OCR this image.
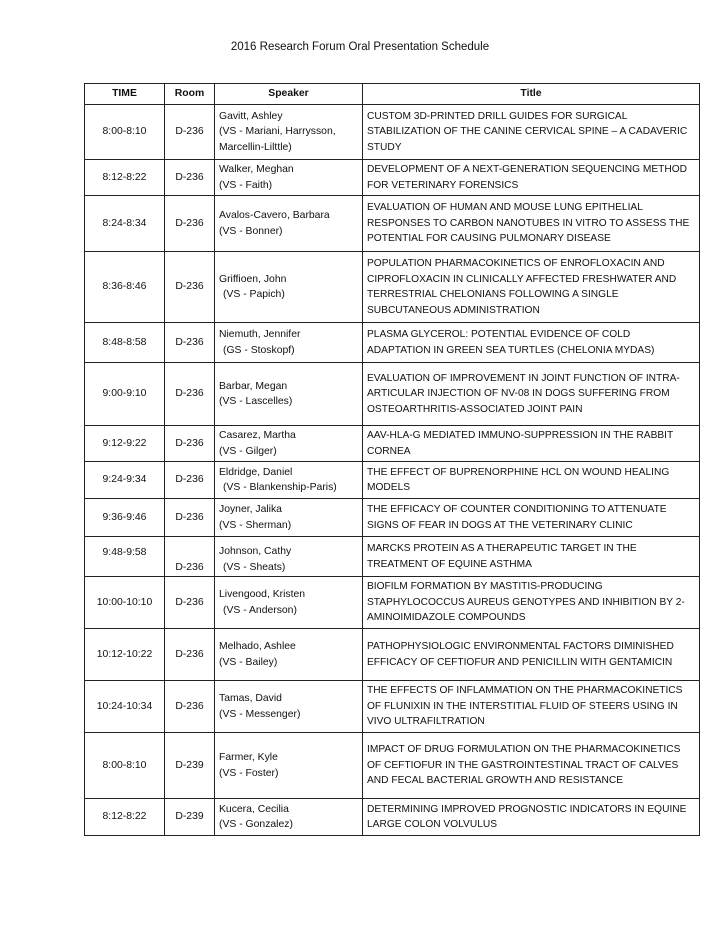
2016 Research Forum Oral Presentation Schedule
TIME	Room	Speaker	Title
8:00-8:10	D-236	Gavitt, Ashley
(VS - Mariani, Harrysson,
Marcellin-Lilttle)	CUSTOM 3D-PRINTED DRILL GUIDES FOR SURGICAL STABILIZATION OF THE CANINE CERVICAL SPINE – A CADAVERIC STUDY
8:12-8:22	D-236	Walker, Meghan
(VS - Faith)	DEVELOPMENT OF A NEXT-GENERATION SEQUENCING METHOD FOR VETERINARY FORENSICS
8:24-8:34	D-236	Avalos-Cavero, Barbara
(VS - Bonner)	EVALUATION OF HUMAN AND MOUSE LUNG EPITHELIAL RESPONSES TO CARBON NANOTUBES IN VITRO TO ASSESS THE POTENTIAL FOR CAUSING PULMONARY DISEASE
8:36-8:46	D-236	Griffioen, John
(VS - Papich)	POPULATION PHARMACOKINETICS OF ENROFLOXACIN AND CIPROFLOXACIN IN CLINICALLY AFFECTED FRESHWATER AND TERRESTRIAL CHELONIANS FOLLOWING A SINGLE SUBCUTANEOUS ADMINISTRATION
8:48-8:58	D-236	Niemuth, Jennifer
(GS - Stoskopf)	PLASMA GLYCEROL: POTENTIAL EVIDENCE OF COLD ADAPTATION IN GREEN SEA TURTLES (CHELONIA MYDAS)
9:00-9:10	D-236	Barbar, Megan
(VS - Lascelles)	EVALUATION OF IMPROVEMENT IN JOINT FUNCTION OF INTRA-ARTICULAR INJECTION OF NV-08 IN DOGS SUFFERING FROM OSTEOARTHRITIS-ASSOCIATED JOINT PAIN
9:12-9:22	D-236	Casarez, Martha
(VS - Gilger)	AAV-HLA-G MEDIATED IMMUNO-SUPPRESSION IN THE RABBIT CORNEA
9:24-9:34	D-236	Eldridge, Daniel
(VS - Blankenship-Paris)	THE EFFECT OF BUPRENORPHINE HCL ON WOUND HEALING MODELS
9:36-9:46	D-236	Joyner, Jalika
(VS - Sherman)	THE EFFICACY OF COUNTER CONDITIONING TO ATTENUATE SIGNS OF FEAR IN DOGS AT THE VETERINARY CLINIC
9:48-9:58	D-236	Johnson, Cathy
(VS - Sheats)	MARCKS PROTEIN AS A THERAPEUTIC TARGET IN THE TREATMENT OF EQUINE ASTHMA
10:00-10:10	D-236	Livengood, Kristen
(VS - Anderson)	BIOFILM FORMATION BY MASTITIS-PRODUCING STAPHYLOCOCCUS AUREUS GENOTYPES AND INHIBITION BY 2-AMINOIMIDAZOLE COMPOUNDS
10:12-10:22	D-236	Melhado, Ashlee
(VS - Bailey)	PATHOPHYSIOLOGIC ENVIRONMENTAL FACTORS DIMINISHED EFFICACY OF CEFTIOFUR AND PENICILLIN WITH GENTAMICIN
10:24-10:34	D-236	Tamas, David
(VS - Messenger)	THE EFFECTS OF INFLAMMATION ON THE PHARMACOKINETICS OF FLUNIXIN IN THE INTERSTITIAL FLUID OF STEERS USING IN VIVO ULTRAFILTRATION
8:00-8:10	D-239	Farmer, Kyle
(VS - Foster)	IMPACT OF DRUG FORMULATION ON THE PHARMACOKINETICS OF CEFTIOFUR IN THE GASTROINTESTINAL TRACT OF CALVES AND FECAL BACTERIAL GROWTH AND RESISTANCE
8:12-8:22	D-239	Kucera, Cecilia
(VS - Gonzalez)	DETERMINING IMPROVED PROGNOSTIC INDICATORS IN EQUINE LARGE COLON VOLVULUS
